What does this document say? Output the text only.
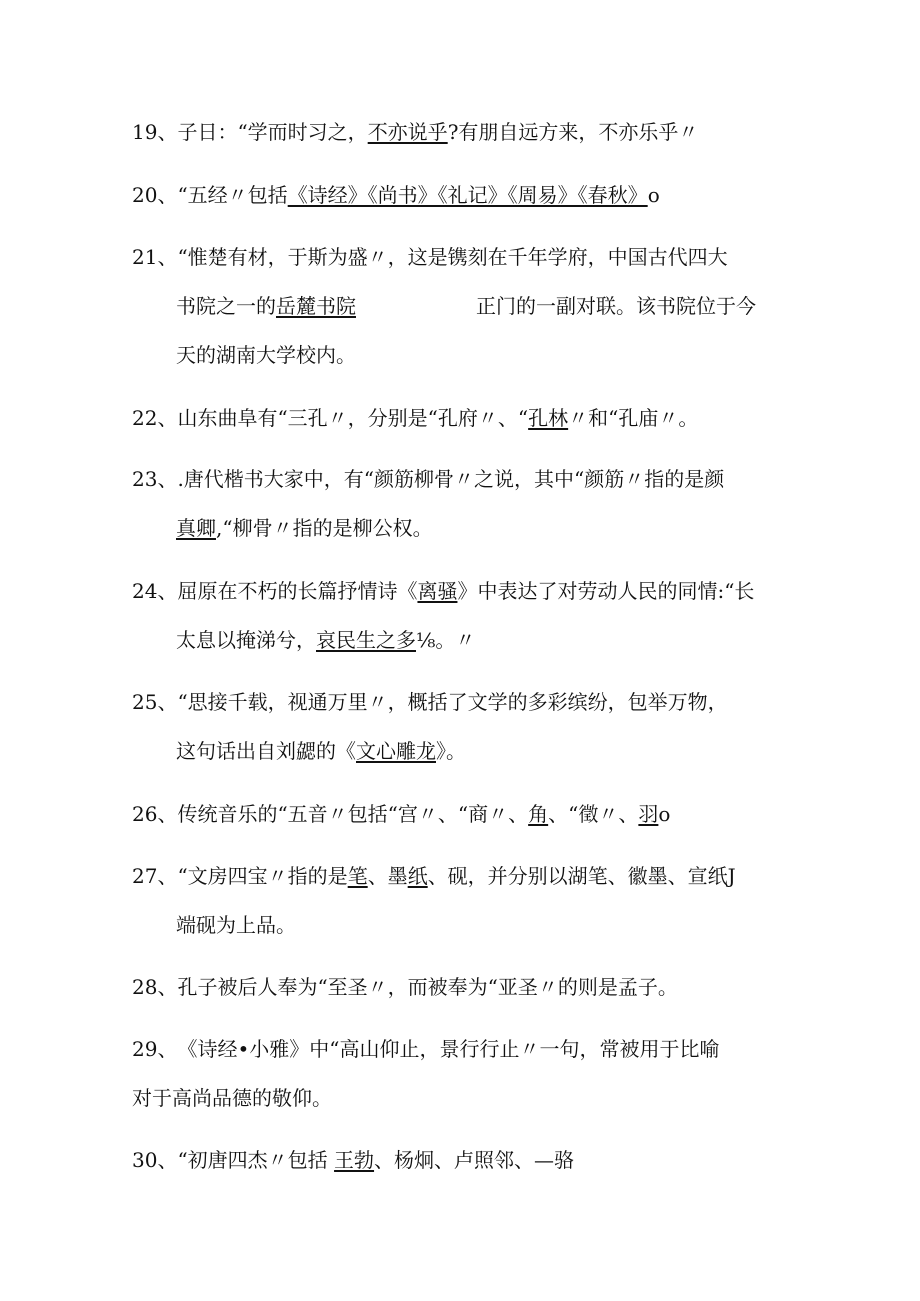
19、子日：“学而时习之，不亦说乎?有朋自远方来，不亦乐乎〃
20、“五经〃包括《诗经》《尚书》《礼记》《周易》《春秋》o
21、“惟楚有材，于斯为盛〃，这是镌刻在千年学府，中国古代四大
书院之一的岳麓书院
天的湖南大学校内。
正门的一副对联。该书院位于今
22、山东曲阜有“三孔〃，分别是“孔府〃、“孔林〃和“孔庙〃。
23、.唐代楷书大家中，有“颜筋柳骨〃之说，其中“颜筋〃指的是颜
真卿,“柳骨〃指的是柳公权。
24、屈原在不朽的长篇抒情诗《离骚》中表达了对劳动人民的同情:“长
太息以掩涕兮，哀民生之多⅛。〃
25、“思接千载，视通万里〃，概括了文学的多彩缤纷，包举万物，
这句话出自刘勰的《文心雕龙》。
26、传统音乐的“五音〃包括“宫〃、“商〃、角、“徵〃、羽o
27、“文房四宝〃指的是笔、墨纸、砚，并分别以湖笔、徽墨、宣纸J
端砚为上品。
28、孔子被后人奉为“至圣〃，而被奉为“亚圣〃的则是孟子。
29、《诗经•小雅》中“高山仰止，景行行止〃一句，常被用于比喻
对于高尚品德的敬仰。
30、“初唐四杰〃包括 王勃、杨炯、卢照邻、—骆
